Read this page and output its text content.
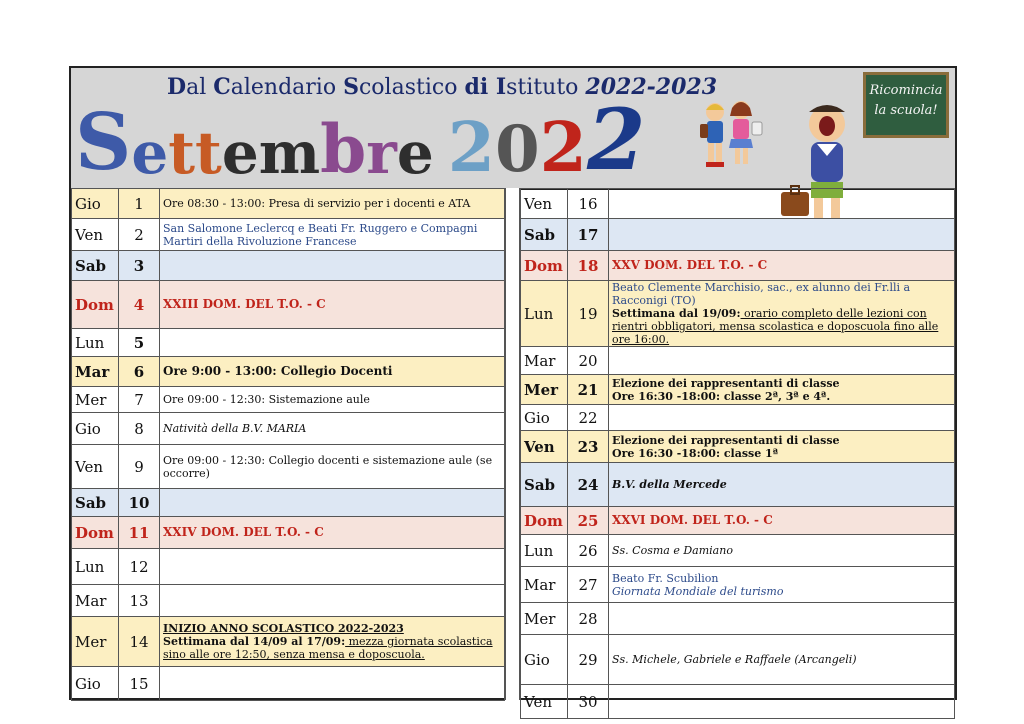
Dal Calendario Scolastico di Istituto 2022-2023
Settembre 2022	Ricomincia
la scuola!
Gio	1	Ore 08:30 - 13:00: Presa di servizio per i docenti e ATA

Ven	2	San Salomone Leclercq e Beati Fr. Ruggero e Compagni Martiri della Rivoluzione Francese

Sab	3	
Dom	4	XXIII DOM. DEL T.O. - C

Lun	5	
Mar	6	Ore 9:00 - 13:00: Collegio Docenti

Mer	7	Ore 09:00 - 12:30: Sistemazione aule

Gio	8	Natività della B.V. MARIA

Ven	9	Ore 09:00 - 12:30: Collegio docenti e sistemazione aule (se occorre)

Sab	10	
Dom	11	XXIV DOM. DEL T.O. - C

Lun	12	
Mar	13	
Mer	14	INIZIO ANNO SCOLASTICO 2022-2023
Settimana dal 14/09 al 17/09: mezza giornata scolastica sino alle ore 12:50, senza mensa e doposcuola.

Gio	15	
Ven	16	
Sab	17	
Dom	18	XXV DOM. DEL T.O. - C

Lun	19	Beato Clemente Marchisio, sac., ex alunno dei Fr.lli a Racconigi (TO)
Settimana dal 19/09: orario completo delle lezioni con rientri obbligatori, mensa scolastica e doposcuola fino alle ore 16:00.

Mar	20	
Mer	21	Elezione dei rappresentanti di classe
Ore 16:30 -18:00: classe 2ª, 3ª e 4ª.

Gio	22	
Ven	23	Elezione dei rappresentanti di classe
Ore 16:30 -18:00: classe 1ª

Sab	24	B.V. della Mercede

Dom	25	XXVI DOM. DEL T.O. - C

Lun	26	Ss. Cosma e Damiano

Mar	27	Beato Fr. Scubilion
Giornata Mondiale del turismo

Mer	28	
Gio	29	Ss. Michele, Gabriele e Raffaele (Arcangeli)

Ven	30	
